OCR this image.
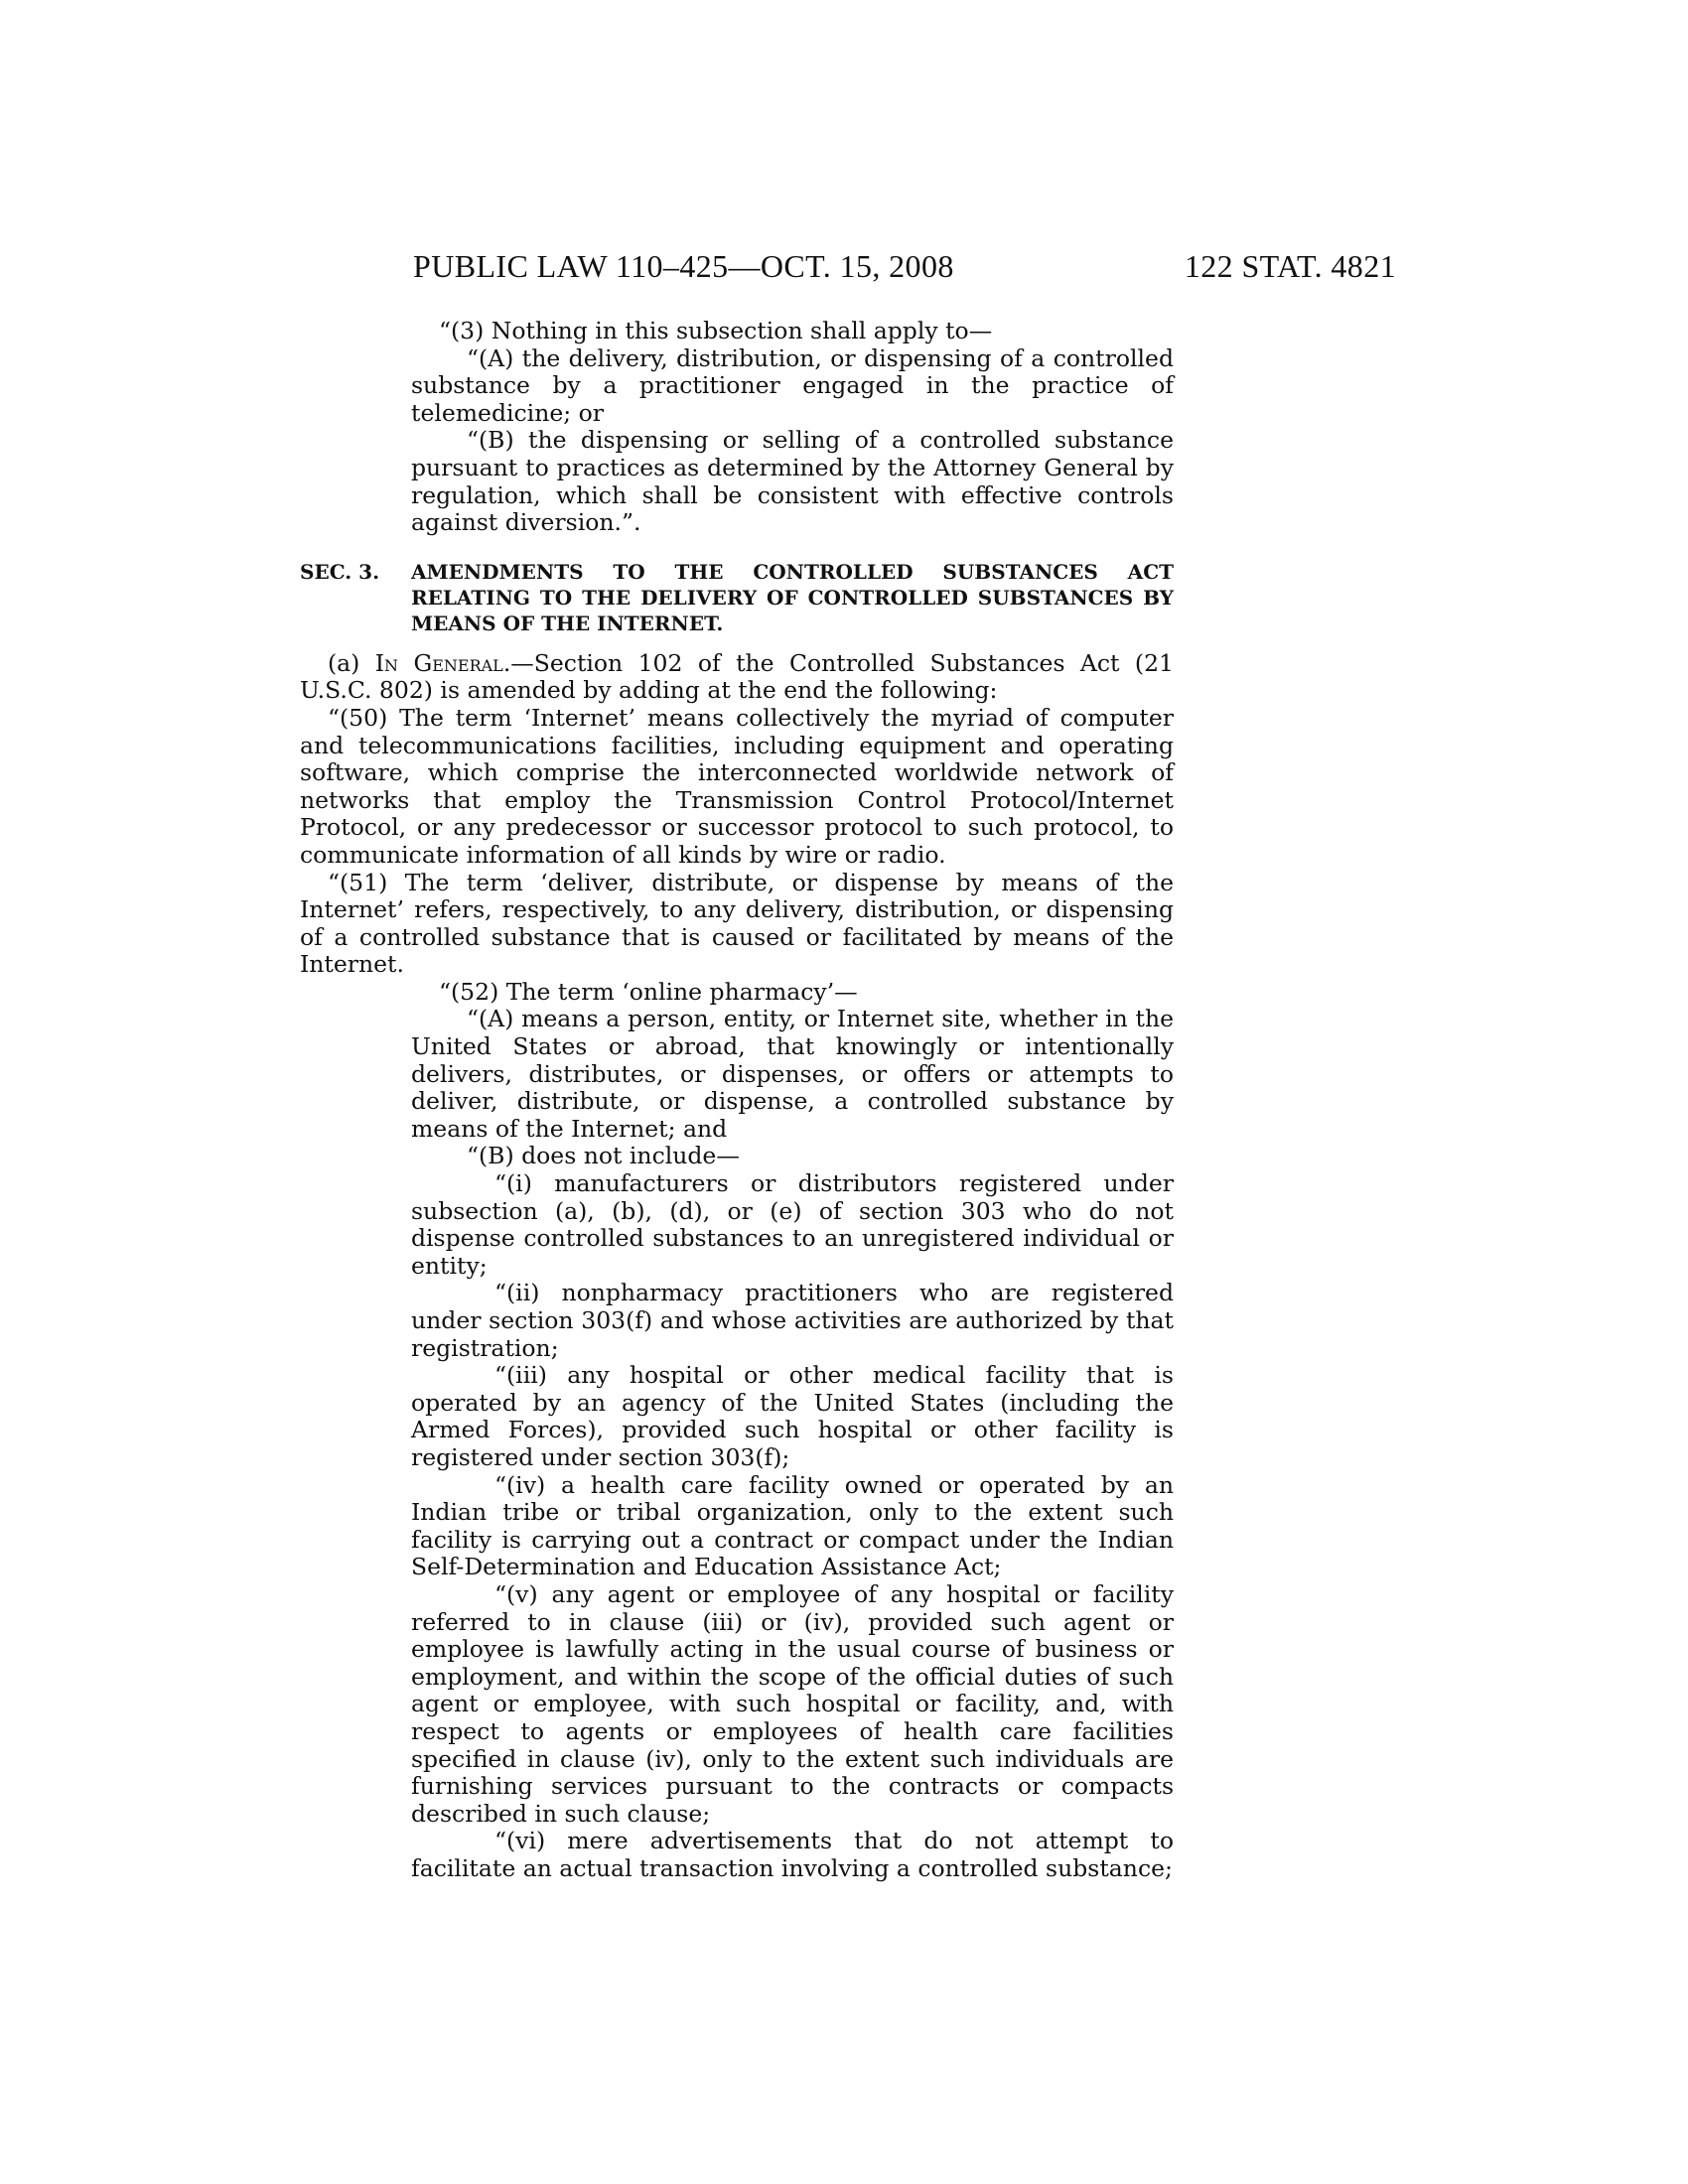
PUBLIC LAW 110–425—OCT. 15, 2008	122 STAT. 4821

“(3) Nothing in this subsection shall apply to—

“(A) the delivery, distribution, or dispensing of a controlled substance by a practitioner engaged in the practice of telemedicine; or

“(B) the dispensing or selling of a controlled substance pursuant to practices as determined by the Attorney General by regulation, which shall be consistent with effective controls against diversion.”.

SEC. 3.	AMENDMENTS TO THE CONTROLLED SUBSTANCES ACT RELATING TO THE DELIVERY OF CONTROLLED SUBSTANCES BY MEANS OF THE INTERNET.

(a) In General.—Section 102 of the Controlled Substances Act (21 U.S.C. 802) is amended by adding at the end the following:

“(50) The term ‘Internet’ means collectively the myriad of computer and telecommunications facilities, including equipment and operating software, which comprise the interconnected worldwide network of networks that employ the Transmission Control Protocol/Internet Protocol, or any predecessor or successor protocol to such protocol, to communicate information of all kinds by wire or radio.

“(51) The term ‘deliver, distribute, or dispense by means of the Internet’ refers, respectively, to any delivery, distribution, or dispensing of a controlled substance that is caused or facilitated by means of the Internet.

“(52) The term ‘online pharmacy’—

“(A) means a person, entity, or Internet site, whether in the United States or abroad, that knowingly or intentionally delivers, distributes, or dispenses, or offers or attempts to deliver, distribute, or dispense, a controlled substance by means of the Internet; and

“(B) does not include—

“(i) manufacturers or distributors registered under subsection (a), (b), (d), or (e) of section 303 who do not dispense controlled substances to an unregistered individual or entity;

“(ii) nonpharmacy practitioners who are registered under section 303(f) and whose activities are authorized by that registration;

“(iii) any hospital or other medical facility that is operated by an agency of the United States (including the Armed Forces), provided such hospital or other facility is registered under section 303(f);

“(iv) a health care facility owned or operated by an Indian tribe or tribal organization, only to the extent such facility is carrying out a contract or compact under the Indian Self-Determination and Education Assistance Act;

“(v) any agent or employee of any hospital or facility referred to in clause (iii) or (iv), provided such agent or employee is lawfully acting in the usual course of business or employment, and within the scope of the official duties of such agent or employee, with such hospital or facility, and, with respect to agents or employees of health care facilities specified in clause (iv), only to the extent such individuals are furnishing services pursuant to the contracts or compacts described in such clause;

“(vi) mere advertisements that do not attempt to facilitate an actual transaction involving a controlled substance;
